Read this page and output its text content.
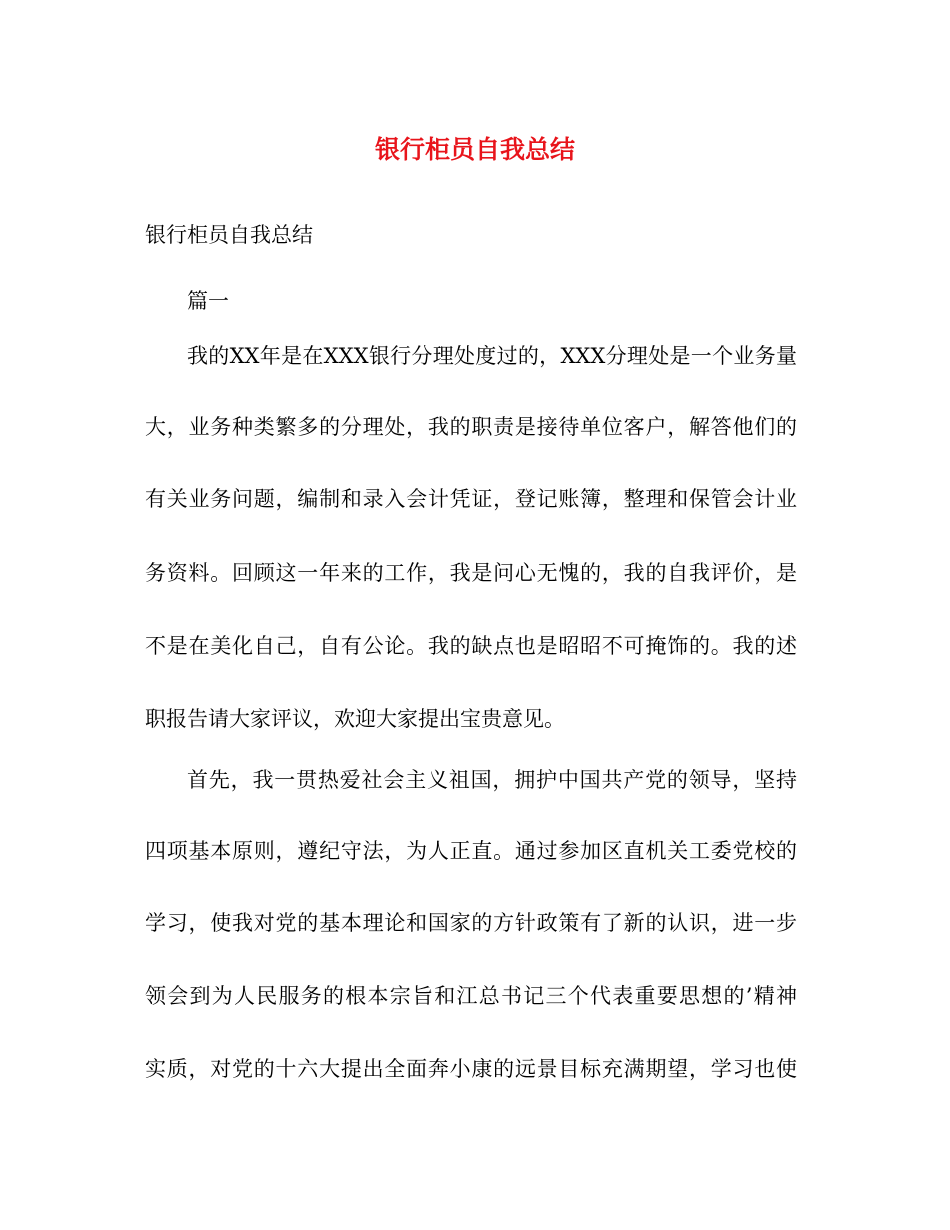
银行柜员自我总结
银行柜员自我总结
篇一
我的XX年是在XXX银行分理处度过的，XXX分理处是一个业务量
大，业务种类繁多的分理处，我的职责是接待单位客户，解答他们的
有关业务问题，编制和录入会计凭证，登记账簿，整理和保管会计业
务资料。回顾这一年来的工作，我是问心无愧的，我的自我评价，是
不是在美化自己，自有公论。我的缺点也是昭昭不可掩饰的。我的述
职报告请大家评议，欢迎大家提出宝贵意见。
首先，我一贯热爱社会主义祖国，拥护中国共产党的领导，坚持
四项基本原则，遵纪守法，为人正直。通过参加区直机关工委党校的
学习，使我对党的基本理论和国家的方针政策有了新的认识，进一步
领会到为人民服务的根本宗旨和江总书记三个代表重要思想的’精神
实质，对党的十六大提出全面奔小康的远景目标充满期望，学习也使
